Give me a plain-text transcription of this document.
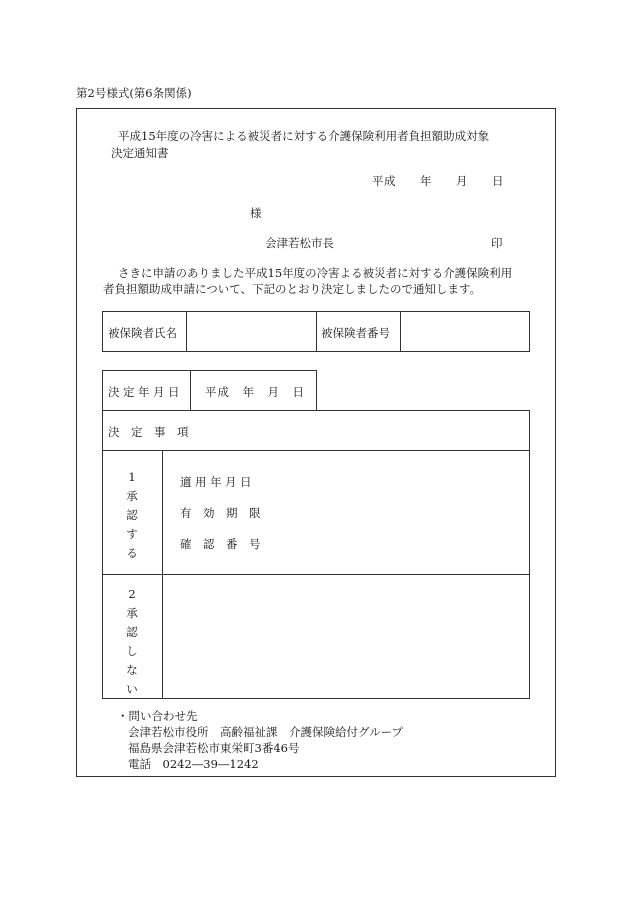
第2号様式(第6条関係)
平成15年度の冷害による被災者に対する介護保険利用者負担額助成対象
決定通知書
平成　　年　　月　　日
様
会津若松市長	印
さきに申請のありました平成15年度の冷害よる被災者に対する介護保険利用
者負担額助成申請について、下記のとおり決定しましたので通知します。
被保険者氏名	被保険者番号
決定年月日 平成　年　月　日
決　定　事　項
1
承
認
す
る
適用年月日
有　効　期　限
確　認　番　号
2
承
認
し
な
い
・問い合わせ先
会津若松市役所　高齢福祉課　介護保険給付グループ
福島県会津若松市東栄町3番46号
電話　0242―39―1242
